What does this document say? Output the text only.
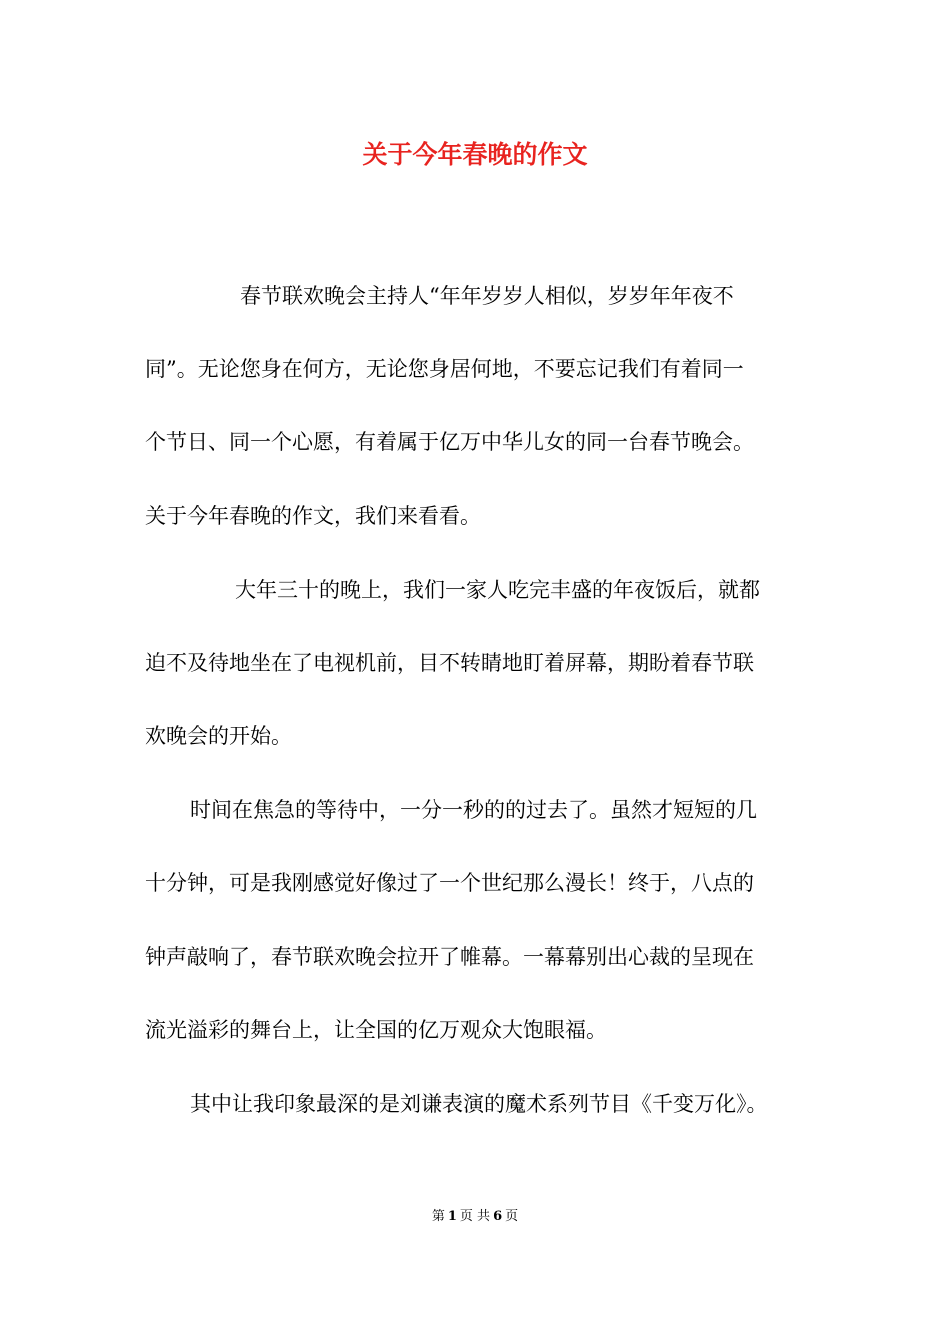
关于今年春晚的作文

春节联欢晚会主持人“年年岁岁人相似，岁岁年年夜不

同”。无论您身在何方，无论您身居何地，不要忘记我们有着同一

个节日、同一个心愿，有着属于亿万中华儿女的同一台春节晚会。

关于今年春晚的作文，我们来看看。

大年三十的晚上，我们一家人吃完丰盛的年夜饭后，就都

迫不及待地坐在了电视机前，目不转睛地盯着屏幕，期盼着春节联

欢晚会的开始。

时间在焦急的等待中，一分一秒的的过去了。虽然才短短的几

十分钟，可是我刚感觉好像过了一个世纪那么漫长！终于，八点的

钟声敲响了，春节联欢晚会拉开了帷幕。一幕幕别出心裁的呈现在

流光溢彩的舞台上，让全国的亿万观众大饱眼福。

其中让我印象最深的是刘谦表演的魔术系列节目《千变万化》。

第 1 页 共 6 页
